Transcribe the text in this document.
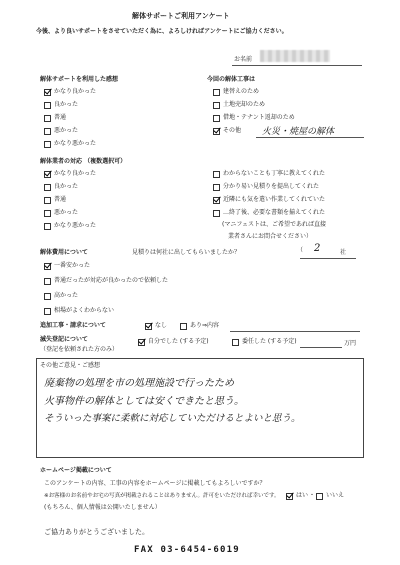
解体サポートご利用アンケート
今後、より良いサポートをさせていただく為に、よろしければアンケートにご協力ください。
お名前
解体サポートを利用した感想
かなり良かった
良かった
普通
悪かった
かなり悪かった
今回の解体工事は
建替えのため
土地売却のため
借地・テナント返却のため
その他 火災・焼屋の解体
解体業者の対応 （複数選択可）
かなり良かった
良かった
普通
悪かった
かなり悪かった
わからないことも丁寧に教えてくれた
分かり易い見積りを提出してくれた
近隣にも気を遣い作業してくれていた
…終了後、必要な書類を揃えてくれた
(マニフェストは、ご希望であれば直接
業者さんにお問合せください）
解体費用について	見積りは何社に出してもらいましたか？	（ 2	社
一番安かった
普通だったが対応が良かったので依頼した
高かった
相場がよくわからない
追加工事・請求について	なし	あり⇒内容
滅失登記について
（登記を依頼された方のみ）
自分でした (する予定)	委任した (する予定)	万円
その他ご意見・ご感想
廃棄物の処理を市の処理施設で行ったため
火事物件の解体としては安くできたと思う。
そういった事案に柔軟に対応していただけるとよいと思う。
ホームページ掲載について
このアンケートの内容、工事の内容をホームページに掲載してもよろしいですか？
※お客様のお名前やお宅の写真が掲載されることはありません。許可をいただければ幸いです。	はい ・ いいえ
(もちろん、個人情報は公開いたしません）
ご協力ありがとうございました。
FAX 03-6454-6019
